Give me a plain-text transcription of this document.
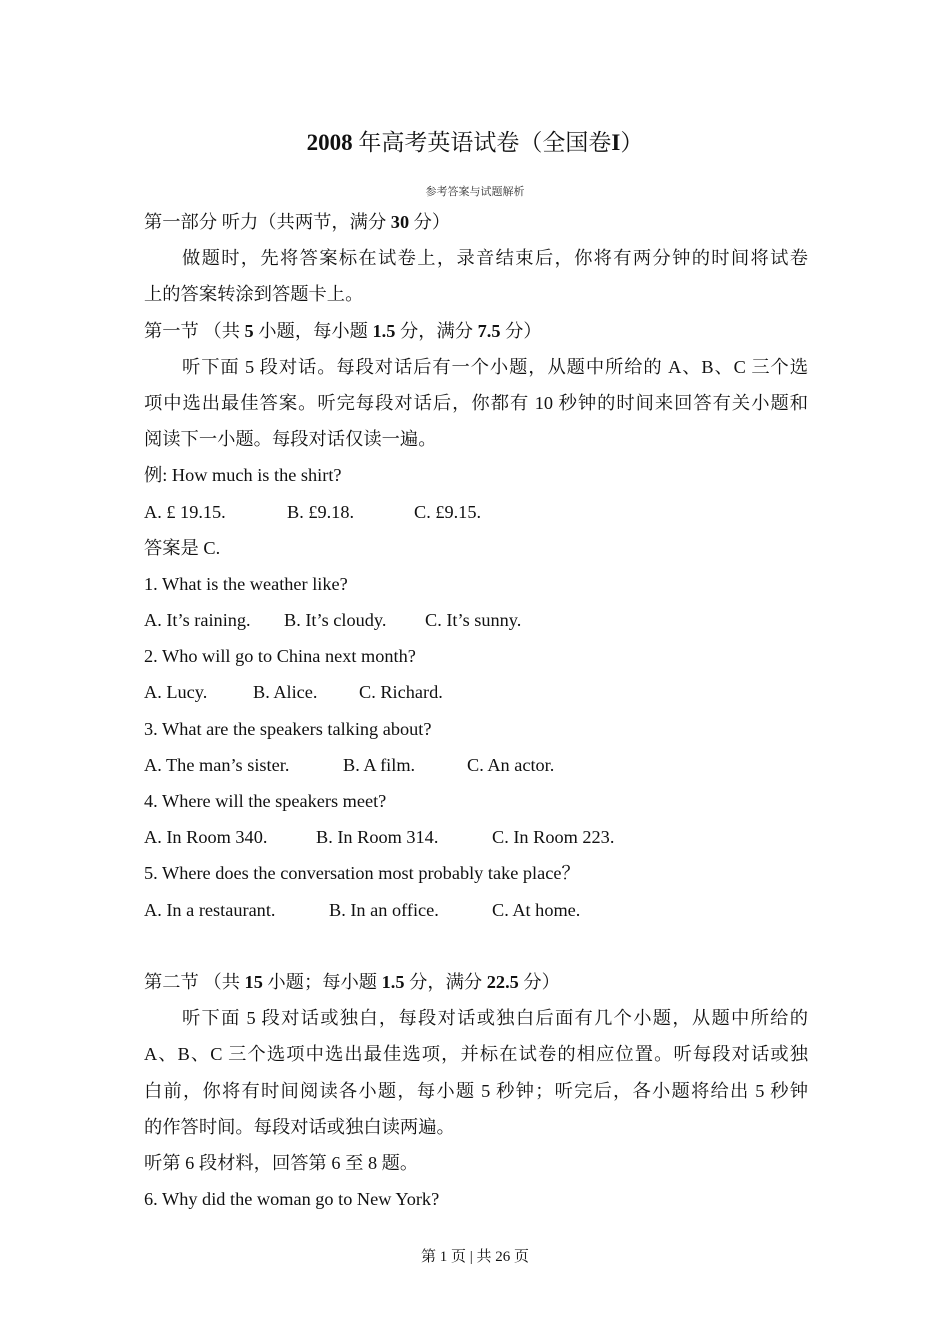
2008 年高考英语试卷（全国卷I）
参考答案与试题解析
第一部分 听力（共两节，满分 30 分）
做题时，先将答案标在试卷上，录音结束后，你将有两分钟的时间将试卷
上的答案转涂到答题卡上。
第一节 （共 5 小题，每小题 1.5 分，满分 7.5 分）
听下面 5 段对话。每段对话后有一个小题，从题中所给的 A、B、C 三个选
项中选出最佳答案。听完每段对话后，你都有 10 秒钟的时间来回答有关小题和
阅读下一小题。每段对话仅读一遍。
例: How much is the shirt?
A. £ 19.15.	B. £9.18.	C. £9.15.
答案是 C.
1. What is the weather like?
A. It’s raining. B. It’s cloudy. C. It’s sunny.
2. Who will go to China next month?
A. Lucy. B. Alice. C. Richard.
3. What are the speakers talking about?
A. The man’s sister.	B. A film.	C. An actor.
4. Where will the speakers meet?
A. In Room 340.	B. In Room 314.	C. In Room 223.
5. Where does the conversation most probably take place？
A. In a restaurant.	B. In an office.	C. At home.
第二节 （共 15 小题；每小题 1.5 分，满分 22.5 分）
听下面 5 段对话或独白，每段对话或独白后面有几个小题，从题中所给的
A、B、C 三个选项中选出最佳选项，并标在试卷的相应位置。听每段对话或独
白前，你将有时间阅读各小题，每小题 5 秒钟；听完后，各小题将给出 5 秒钟
的作答时间。每段对话或独白读两遍。
听第 6 段材料，回答第 6 至 8 题。
6. Why did the woman go to New York?
第 1 页 | 共 26 页
